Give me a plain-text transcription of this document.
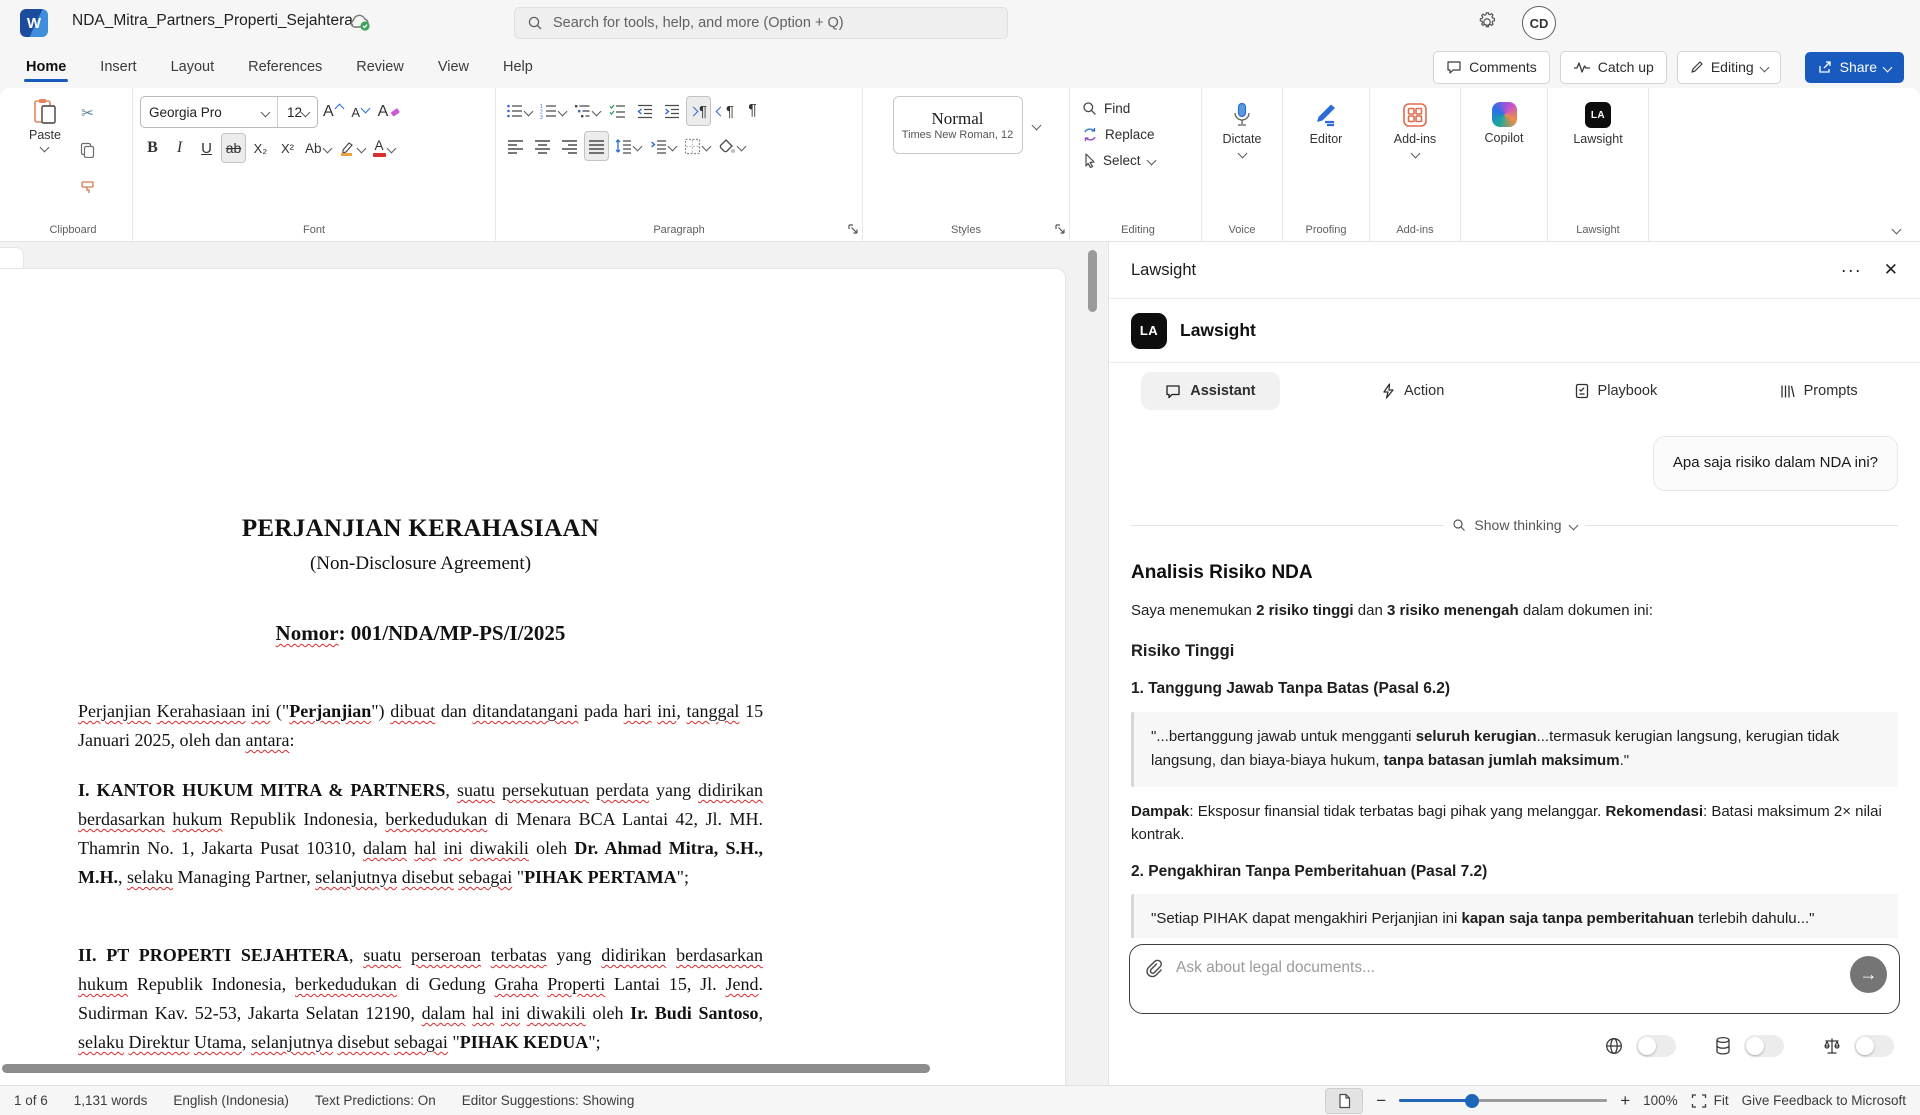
W	NDA_Mitra_Partners_Properti_Sejahtera
Search for tools, help, and more (Option + Q)	CD
Home Insert Layout References Review View Help	Comments	Catch up	Editing	Share
Paste
✂
Clipboard
Georgia Pro	12 A A A
B I U ab X₂ X² Ab	A
Font
1
2
3	¶ ¶ ¶
Paragraph
Normal
Times New Roman, 12
Styles
Find
Replace
Select
Editing
Dictate
Voice
Editor
Proofing
Add-ins
Add-ins
Copilot

LA
Lawsight
Lawsight
PERJANJIAN KERAHASIAAN
(Non-Disclosure Agreement)
Nomor: 001/NDA/MP-PS/I/2025
Perjanjian Kerahasiaan ini ("Perjanjian") dibuat dan ditandatangani pada hari ini, tanggal 15 Januari 2025, oleh dan antara:
I. KANTOR HUKUM MITRA & PARTNERS, suatu persekutuan perdata yang didirikan berdasarkan hukum Republik Indonesia, berkedudukan di Menara BCA Lantai 42, Jl. MH. Thamrin No. 1, Jakarta Pusat 10310, dalam hal ini diwakili oleh Dr. Ahmad Mitra, S.H., M.H., selaku Managing Partner, selanjutnya disebut sebagai "PIHAK PERTAMA";
II. PT PROPERTI SEJAHTERA, suatu perseroan terbatas yang didirikan berdasarkan hukum Republik Indonesia, berkedudukan di Gedung Graha Properti Lantai 15, Jl. Jend. Sudirman Kav. 52-53, Jakarta Selatan 12190, dalam hal ini diwakili oleh Ir. Budi Santoso, selaku Direktur Utama, selanjutnya disebut sebagai "PIHAK KEDUA";
Lawsight	··· ✕
LA	Lawsight
Assistant	Action	Playbook	Prompts
Apa saja risiko dalam NDA ini?
Show thinking
Analisis Risiko NDA
Saya menemukan 2 risiko tinggi dan 3 risiko menengah dalam dokumen ini:
Risiko Tinggi
1. Tanggung Jawab Tanpa Batas (Pasal 6.2)
"...bertanggung jawab untuk mengganti seluruh kerugian...termasuk kerugian langsung, kerugian tidak langsung, dan biaya-biaya hukum, tanpa batasan jumlah maksimum."
Dampak: Eksposur finansial tidak terbatas bagi pihak yang melanggar. Rekomendasi: Batasi maksimum 2× nilai kontrak.
2. Pengakhiran Tanpa Pemberitahuan (Pasal 7.2)
"Setiap PIHAK dapat mengakhiri Perjanjian ini kapan saja tanpa pemberitahuan terlebih dahulu..."
Ask about legal documents...
→
1 of 6 1,131 words English (Indonesia) Text Predictions: On Editor Suggestions: Showing	−	+ 100%	Fit Give Feedback to Microsoft
